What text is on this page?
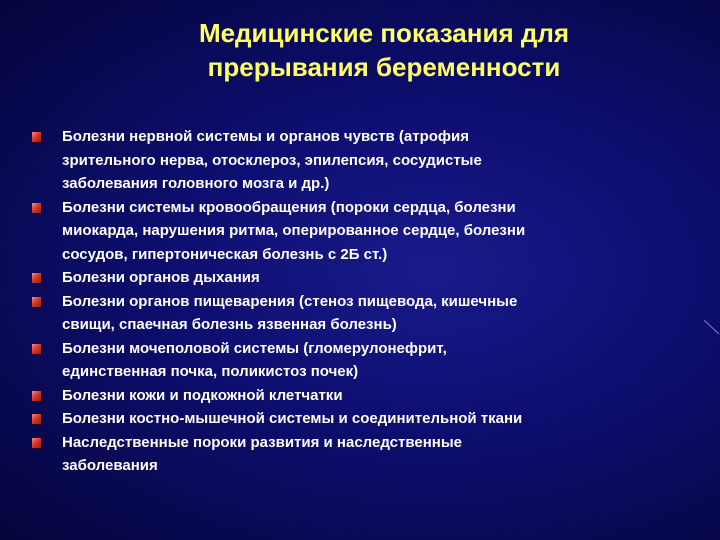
Медицинские показания для
прерывания беременности
Болезни нервной системы и органов чувств (атрофия
зрительного нерва, отосклероз, эпилепсия, сосудистые
заболевания головного мозга и др.)
Болезни системы кровообращения (пороки сердца, болезни
миокарда, нарушения ритма, оперированное сердце, болезни
сосудов, гипертоническая болезнь с 2Б ст.)
Болезни органов дыхания
Болезни органов пищеварения (стеноз пищевода, кишечные
свищи, спаечная болезнь язвенная болезнь)
Болезни мочеполовой системы (гломерулонефрит,
единственная почка, поликистоз почек)
Болезни кожи и подкожной клетчатки
Болезни костно-мышечной системы и соединительной ткани
Наследственные пороки развития и наследственные
заболевания
